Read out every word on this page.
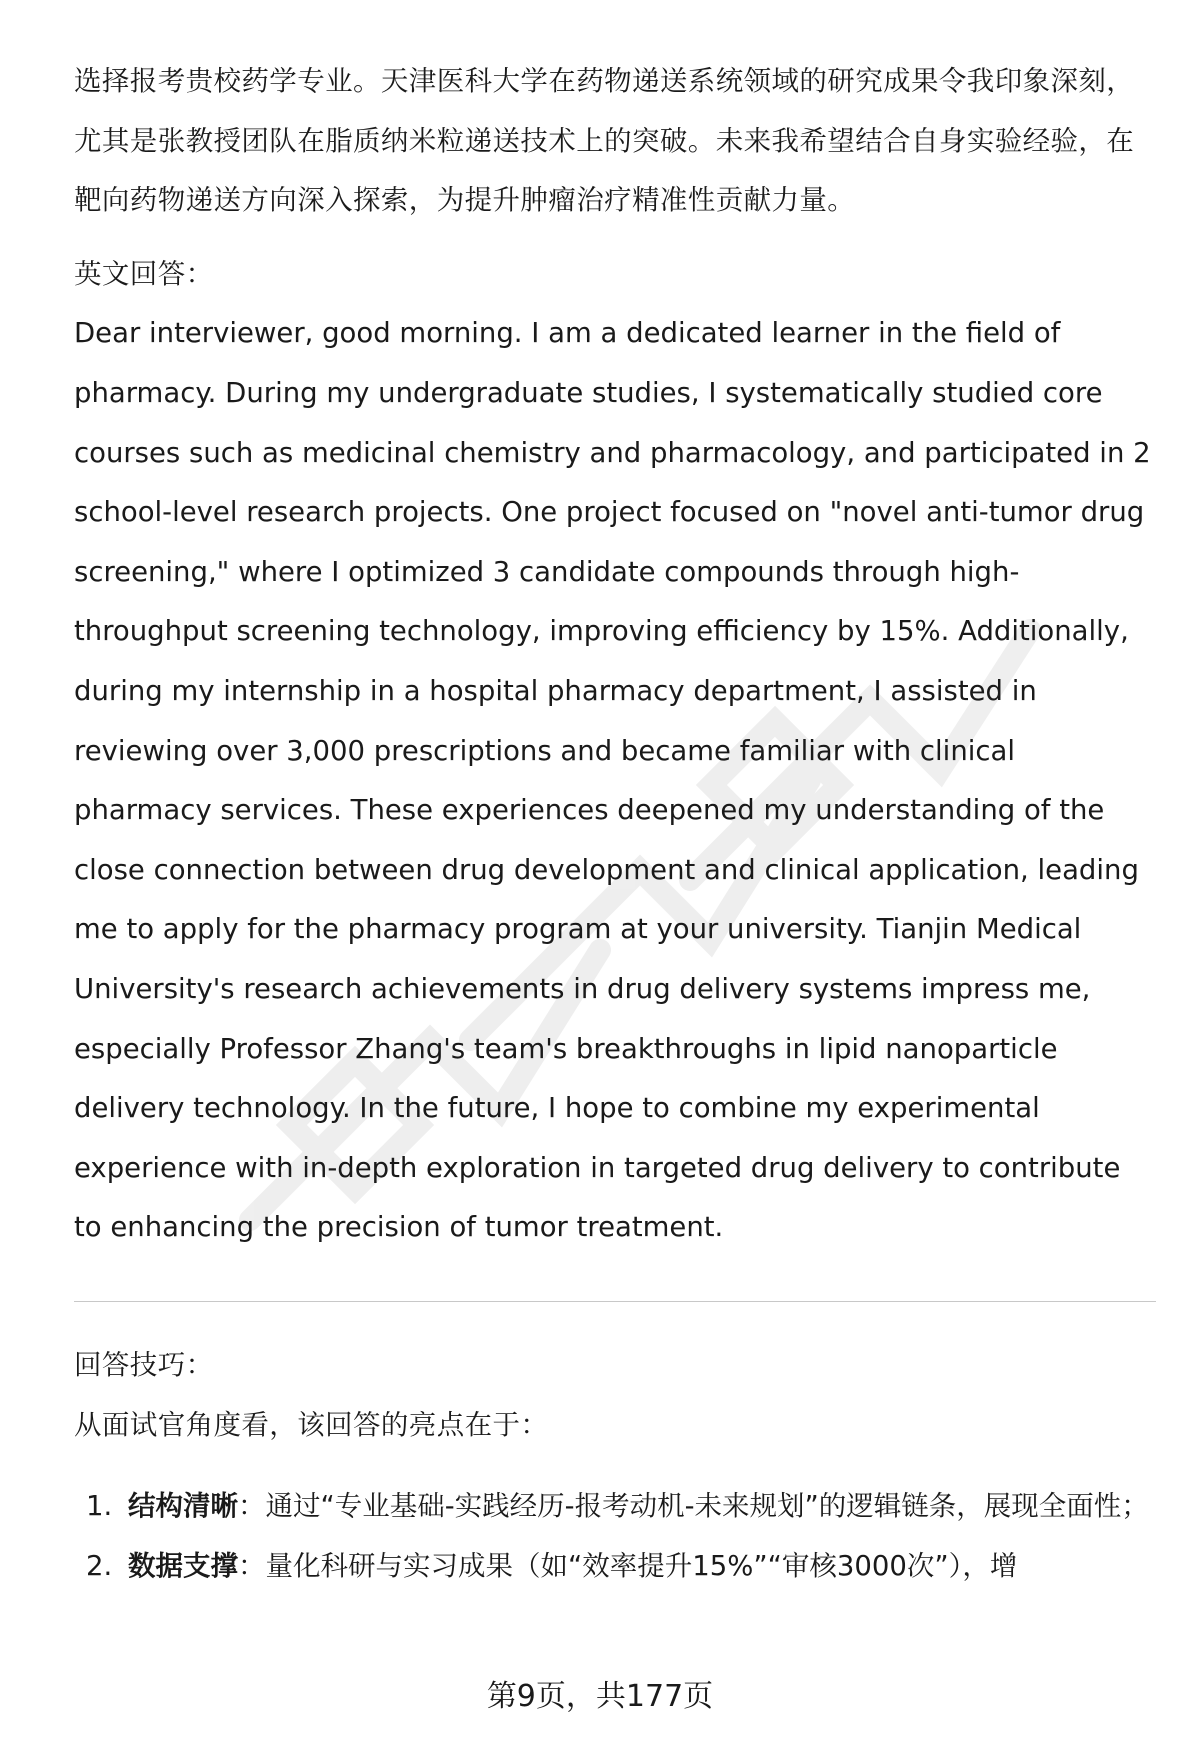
选择报考贵校药学专业。天津医科大学在药物递送系统领域的研究成果令我印象深刻，尤其是张教授团队在脂质纳米粒递送技术上的突破。未来我希望结合自身实验经验，在靶向药物递送方向深入探索，为提升肿瘤治疗精准性贡献力量。

英文回答：

Dear interviewer, good morning. I am a dedicated learner in the field of pharmacy. During my undergraduate studies, I systematically studied core courses such as medicinal chemistry and pharmacology, and participated in 2 school-level research projects. One project focused on "novel anti-tumor drug screening," where I optimized 3 candidate compounds through high-throughput screening technology, improving efficiency by 15%. Additionally, during my internship in a hospital pharmacy department, I assisted in reviewing over 3,000 prescriptions and became familiar with clinical pharmacy services. These experiences deepened my understanding of the close connection between drug development and clinical application, leading me to apply for the pharmacy program at your university. Tianjin Medical University's research achievements in drug delivery systems impress me, especially Professor Zhang's team's breakthroughs in lipid nanoparticle delivery technology. In the future, I hope to combine my experimental experience with in-depth exploration in targeted drug delivery to contribute to enhancing the precision of tumor treatment.

回答技巧：

从面试官角度看，该回答的亮点在于：

1. 结构清晰：通过“专业基础-实践经历-报考动机-未来规划”的逻辑链条，展现全面性；
2. 数据支撑：量化科研与实习成果（如“效率提升15%”“审核3000次”），增
第9页，共177页
